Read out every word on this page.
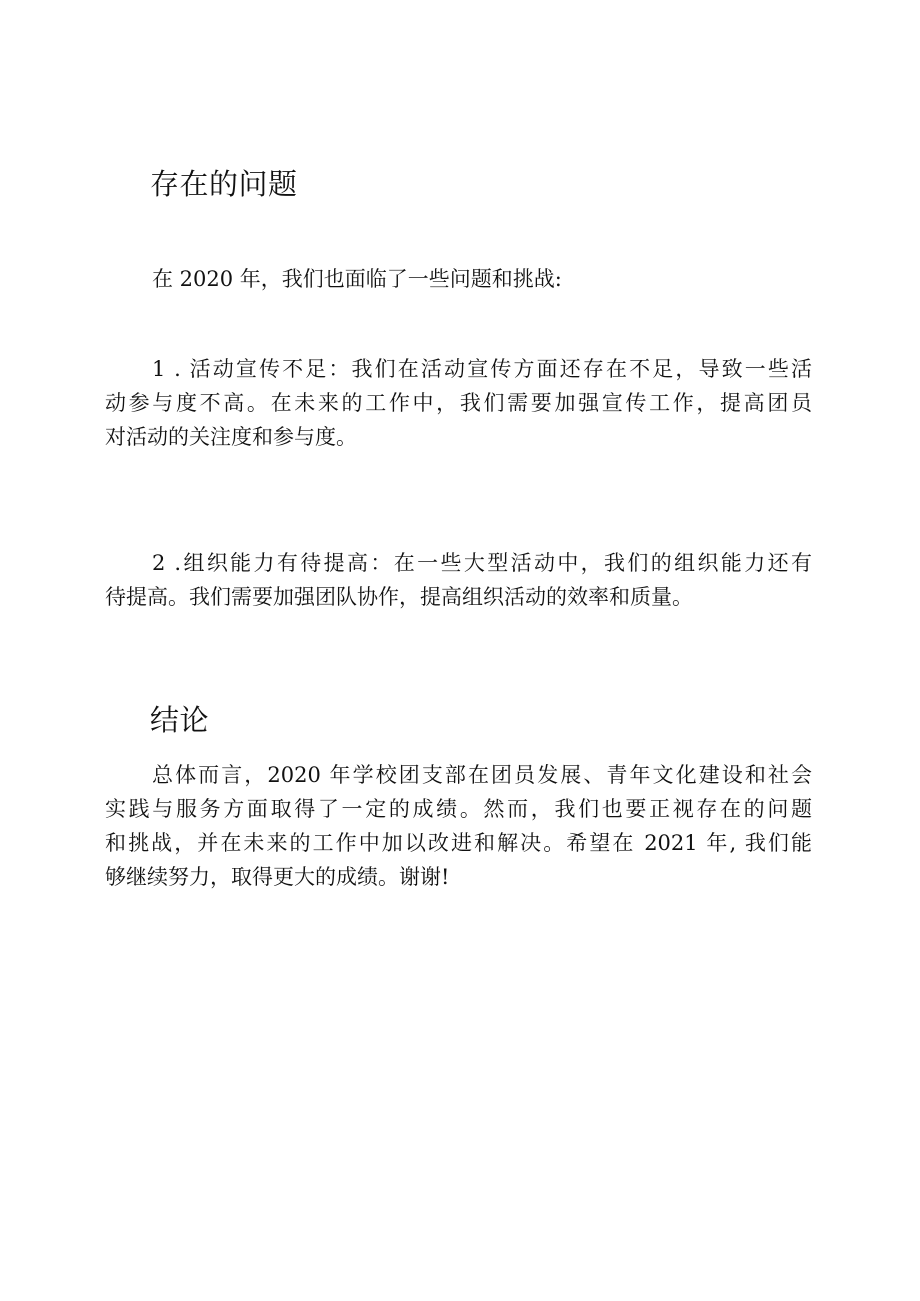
存在的问题

在 2020 年，我们也面临了一些问题和挑战:

1 . 活动宣传不足：我们在活动宣传方面还存在不足，导致一些活
动参与度不高。在未来的工作中，我们需要加强宣传工作，提高团员
对活动的关注度和参与度。
2 .组织能力有待提高：在一些大型活动中，我们的组织能力还有
待提高。我们需要加强团队协作，提高组织活动的效率和质量。
结论
总体而言，2020 年学校团支部在团员发展、青年文化建设和社会
实践与服务方面取得了一定的成绩。然而，我们也要正视存在的问题
和挑战，并在未来的工作中加以改进和解决。希望在 2021 年, 我们能
够继续努力，取得更大的成绩。谢谢!
